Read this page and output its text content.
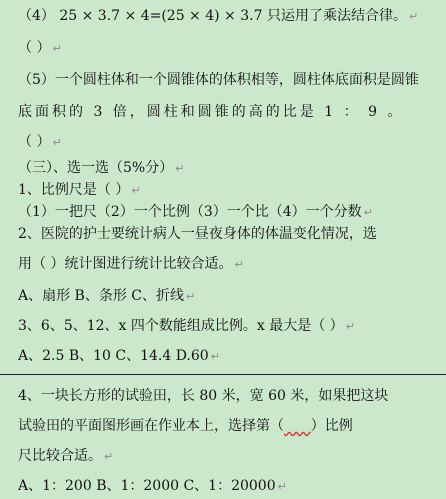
（4） 25 × 3.7 × 4=(25 × 4) × 3.7 只运用了乘法结合律。 ↵
（ ） ↵
（5）一个圆柱体和一个圆锥体的体积相等，圆柱体底面积是圆锥
底面积的 3 倍，圆柱和圆锥的高的比是 1 ： 9 。
（ ） ↵
（三）、选一选（5%分） ↵
1、比例尺是（ ） ↵
（1）一把尺（2）一个比例（3）一个比（4）一个分数 ↵
2、医院的护士要统计病人一昼夜身体的体温变化情况，选
用（ ）统计图进行统计比较合适。 ↵
A、扇形 B、条形 C、折线 ↵
3、6、5、12、x 四个数能组成比例。x 最大是（ ） ↵
A、2.5 B、10 C、14.4 D.60 ↵
4、一块长方形的试验田，长 80 米，宽 60 米，如果把这块
试验田的平面图形画在作业本上，选择第（ ）比例
尺比较合适。 ↵
A、1：200 B、1：2000 C、1：20000 ↵
